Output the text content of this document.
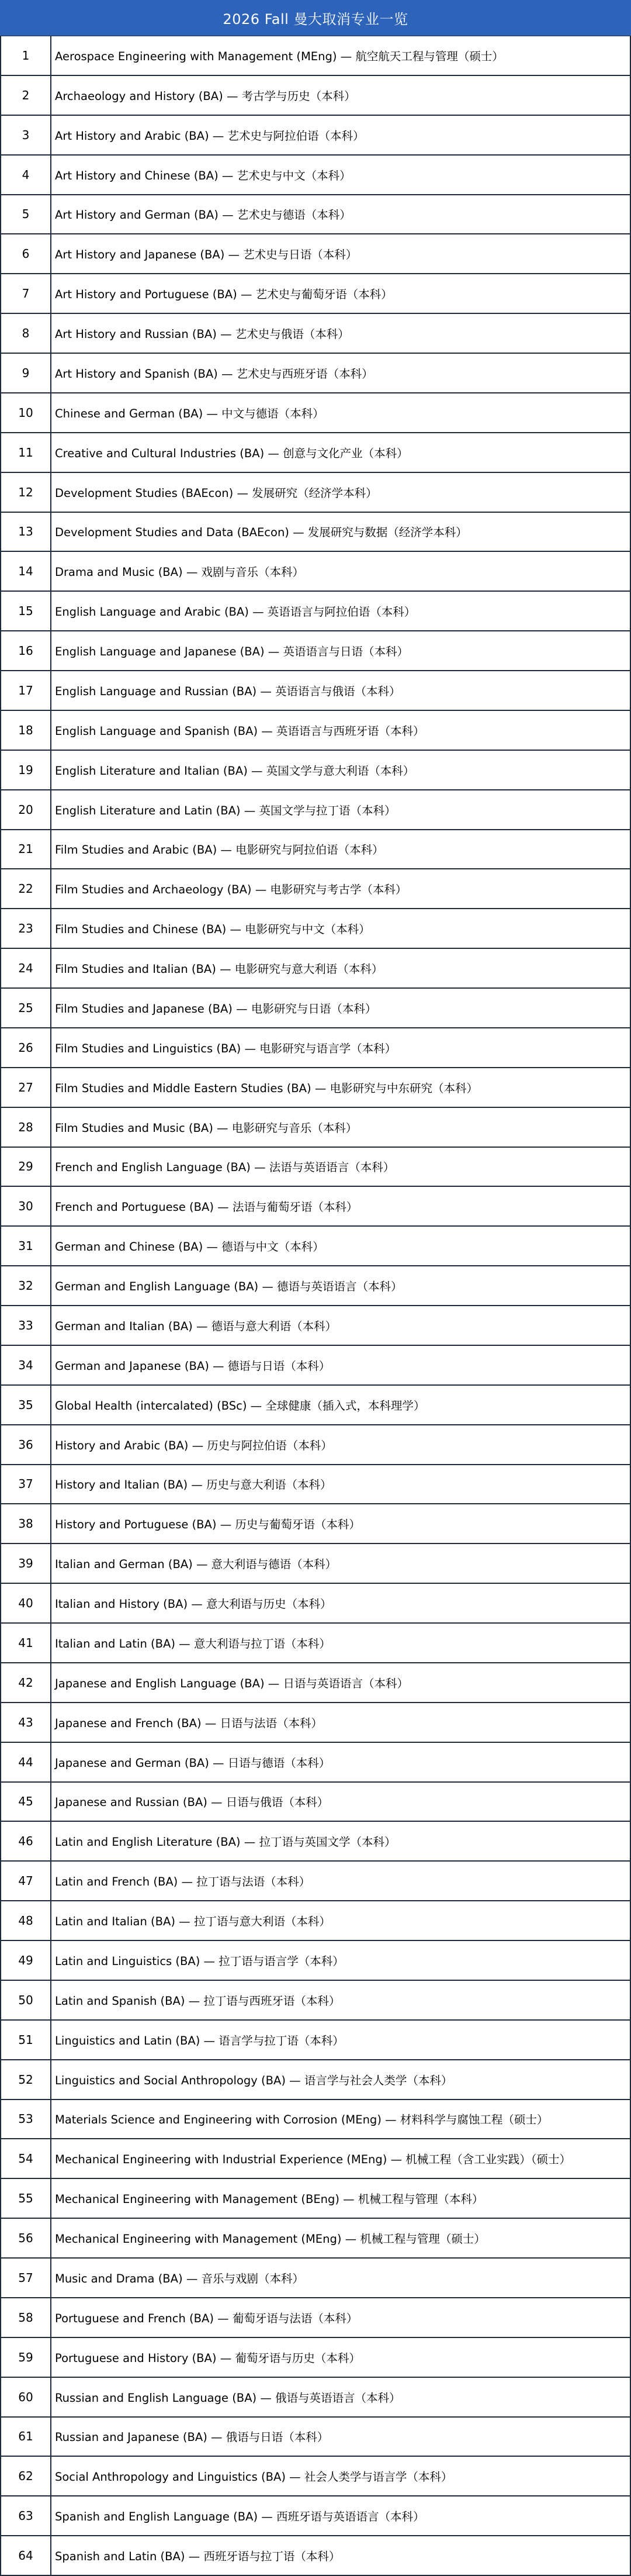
2026 Fall 曼大取消专业一览
1	Aerospace Engineering with Management (MEng) — 航空航天工程与管理（硕士）
2	Archaeology and History (BA) — 考古学与历史（本科）
3	Art History and Arabic (BA) — 艺术史与阿拉伯语（本科）
4	Art History and Chinese (BA) — 艺术史与中文（本科）
5	Art History and German (BA) — 艺术史与德语（本科）
6	Art History and Japanese (BA) — 艺术史与日语（本科）
7	Art History and Portuguese (BA) — 艺术史与葡萄牙语（本科）
8	Art History and Russian (BA) — 艺术史与俄语（本科）
9	Art History and Spanish (BA) — 艺术史与西班牙语（本科）
10	Chinese and German (BA) — 中文与德语（本科）
11	Creative and Cultural Industries (BA) — 创意与文化产业（本科）
12	Development Studies (BAEcon) — 发展研究（经济学本科）
13	Development Studies and Data (BAEcon) — 发展研究与数据（经济学本科）
14	Drama and Music (BA) — 戏剧与音乐（本科）
15	English Language and Arabic (BA) — 英语语言与阿拉伯语（本科）
16	English Language and Japanese (BA) — 英语语言与日语（本科）
17	English Language and Russian (BA) — 英语语言与俄语（本科）
18	English Language and Spanish (BA) — 英语语言与西班牙语（本科）
19	English Literature and Italian (BA) — 英国文学与意大利语（本科）
20	English Literature and Latin (BA) — 英国文学与拉丁语（本科）
21	Film Studies and Arabic (BA) — 电影研究与阿拉伯语（本科）
22	Film Studies and Archaeology (BA) — 电影研究与考古学（本科）
23	Film Studies and Chinese (BA) — 电影研究与中文（本科）
24	Film Studies and Italian (BA) — 电影研究与意大利语（本科）
25	Film Studies and Japanese (BA) — 电影研究与日语（本科）
26	Film Studies and Linguistics (BA) — 电影研究与语言学（本科）
27	Film Studies and Middle Eastern Studies (BA) — 电影研究与中东研究（本科）
28	Film Studies and Music (BA) — 电影研究与音乐（本科）
29	French and English Language (BA) — 法语与英语语言（本科）
30	French and Portuguese (BA) — 法语与葡萄牙语（本科）
31	German and Chinese (BA) — 德语与中文（本科）
32	German and English Language (BA) — 德语与英语语言（本科）
33	German and Italian (BA) — 德语与意大利语（本科）
34	German and Japanese (BA) — 德语与日语（本科）
35	Global Health (intercalated) (BSc) — 全球健康（插入式，本科理学）
36	History and Arabic (BA) — 历史与阿拉伯语（本科）
37	History and Italian (BA) — 历史与意大利语（本科）
38	History and Portuguese (BA) — 历史与葡萄牙语（本科）
39	Italian and German (BA) — 意大利语与德语（本科）
40	Italian and History (BA) — 意大利语与历史（本科）
41	Italian and Latin (BA) — 意大利语与拉丁语（本科）
42	Japanese and English Language (BA) — 日语与英语语言（本科）
43	Japanese and French (BA) — 日语与法语（本科）
44	Japanese and German (BA) — 日语与德语（本科）
45	Japanese and Russian (BA) — 日语与俄语（本科）
46	Latin and English Literature (BA) — 拉丁语与英国文学（本科）
47	Latin and French (BA) — 拉丁语与法语（本科）
48	Latin and Italian (BA) — 拉丁语与意大利语（本科）
49	Latin and Linguistics (BA) — 拉丁语与语言学（本科）
50	Latin and Spanish (BA) — 拉丁语与西班牙语（本科）
51	Linguistics and Latin (BA) — 语言学与拉丁语（本科）
52	Linguistics and Social Anthropology (BA) — 语言学与社会人类学（本科）
53	Materials Science and Engineering with Corrosion (MEng) — 材料科学与腐蚀工程（硕士）
54	Mechanical Engineering with Industrial Experience (MEng) — 机械工程（含工业实践）（硕士）
55	Mechanical Engineering with Management (BEng) — 机械工程与管理（本科）
56	Mechanical Engineering with Management (MEng) — 机械工程与管理（硕士）
57	Music and Drama (BA) — 音乐与戏剧（本科）
58	Portuguese and French (BA) — 葡萄牙语与法语（本科）
59	Portuguese and History (BA) — 葡萄牙语与历史（本科）
60	Russian and English Language (BA) — 俄语与英语语言（本科）
61	Russian and Japanese (BA) — 俄语与日语（本科）
62	Social Anthropology and Linguistics (BA) — 社会人类学与语言学（本科）
63	Spanish and English Language (BA) — 西班牙语与英语语言（本科）
64	Spanish and Latin (BA) — 西班牙语与拉丁语（本科）
